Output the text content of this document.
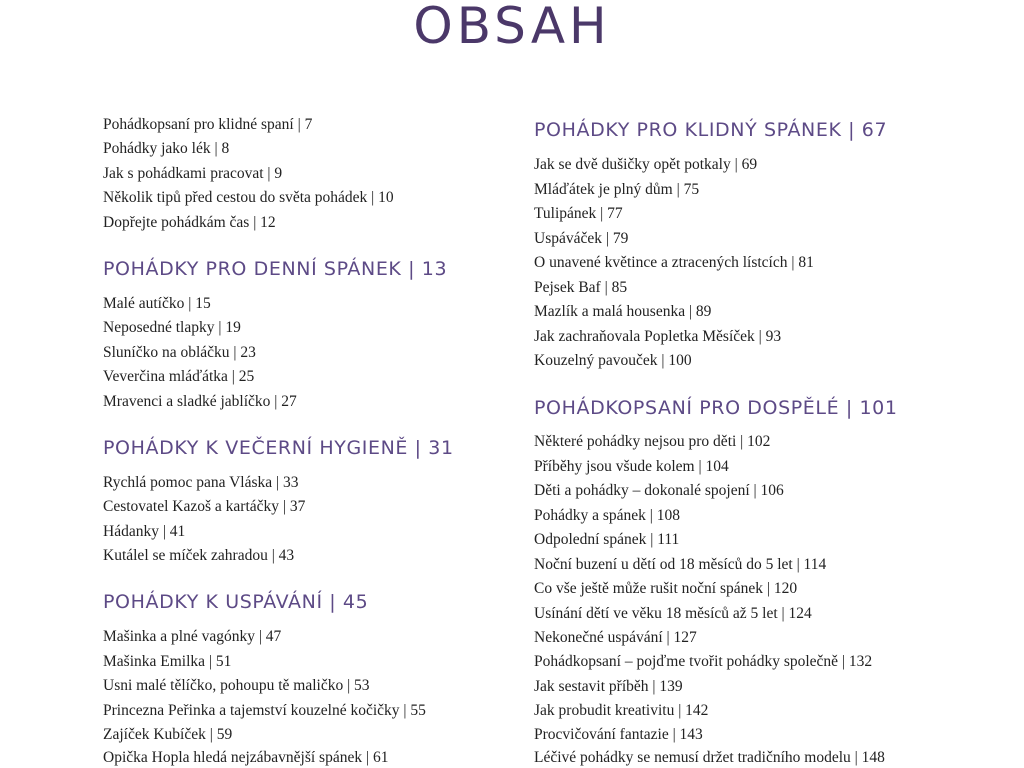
OBSAH
Pohádkopsaní pro klidné spaní | 7
Pohádky jako lék | 8
Jak s pohádkami pracovat | 9
Několik tipů před cestou do světa pohádek | 10
Dopřejte pohádkám čas | 12
POHÁDKY PRO DENNÍ SPÁNEK | 13
Malé autíčko | 15
Neposedné tlapky | 19
Sluníčko na obláčku | 23
Veverčina mláďátka | 25
Mravenci a sladké jablíčko | 27
POHÁDKY K VEČERNÍ HYGIENĚ | 31
Rychlá pomoc pana Vláska | 33
Cestovatel Kazoš a kartáčky | 37
Hádanky | 41
Kutálel se míček zahradou | 43
POHÁDKY K USPÁVÁNÍ | 45
Mašinka a plné vagónky | 47
Mašinka Emilka | 51
Usni malé tělíčko, pohoupu tě maličko | 53
Princezna Peřinka a tajemství kouzelné kočičky | 55
Zajíček Kubíček | 59
Opička Hopla hledá nejzábavnější spánek | 61
POHÁDKY PRO KLIDNÝ SPÁNEK | 67
Jak se dvě dušičky opět potkaly | 69
Mláďátek je plný dům | 75
Tulipánek | 77
Uspáváček | 79
O unavené květince a ztracených lístcích | 81
Pejsek Baf | 85
Mazlík a malá housenka | 89
Jak zachraňovala Popletka Měsíček | 93
Kouzelný pavouček | 100
POHÁDKOPSANÍ PRO DOSPĚLÉ | 101
Některé pohádky nejsou pro děti | 102
Příběhy jsou všude kolem | 104
Děti a pohádky – dokonalé spojení | 106
Pohádky a spánek | 108
Odpolední spánek | 111
Noční buzení u dětí od 18 měsíců do 5 let | 114
Co vše ještě může rušit noční spánek | 120
Usínání dětí ve věku 18 měsíců až 5 let | 124
Nekonečné uspávání | 127
Pohádkopsaní – pojďme tvořit pohádky společně | 132
Jak sestavit příběh | 139
Jak probudit kreativitu | 142
Procvičování fantazie | 143
Léčivé pohádky se nemusí držet tradičního modelu | 148
